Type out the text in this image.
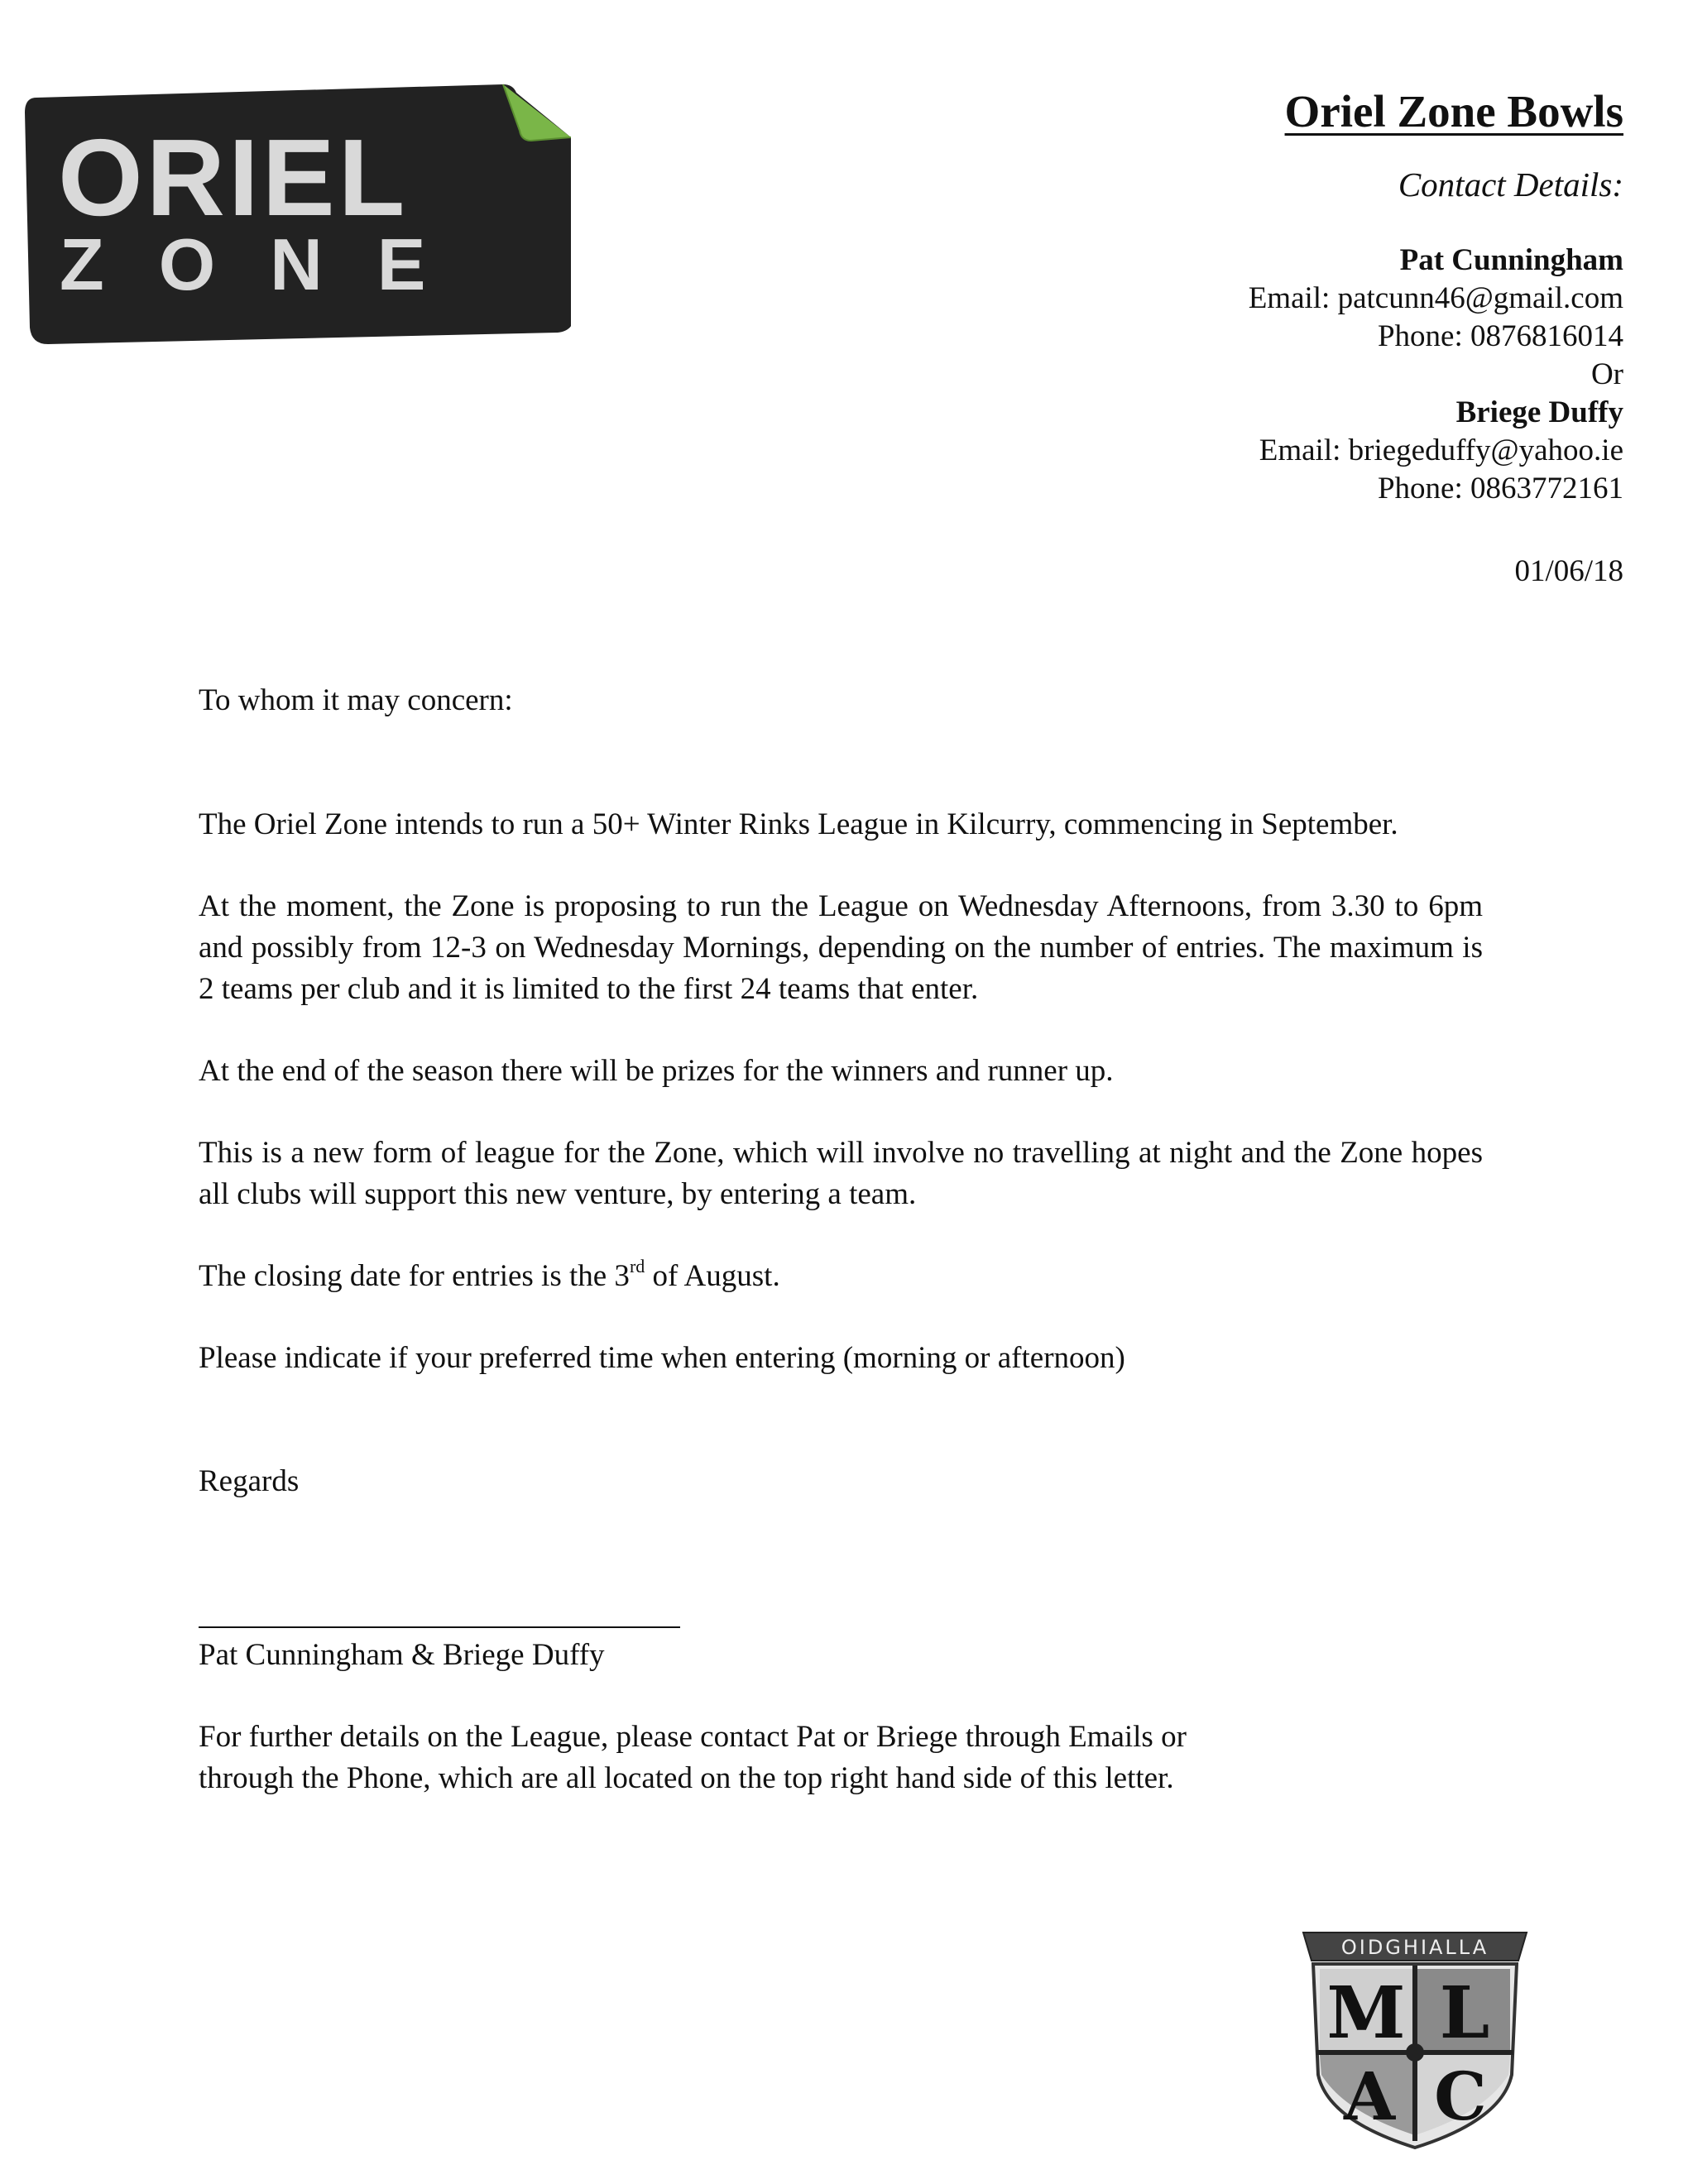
ORIEL
ZONE
Oriel Zone Bowls
Contact Details:
Pat Cunningham
Email: patcunn46@gmail.com
Phone: 0876816014
Or
Briege Duffy
Email: briegeduffy@yahoo.ie
Phone: 0863772161
01/06/18

To whom it may concern:

The Oriel Zone intends to run a 50+ Winter Rinks League in Kilcurry, commencing in September.

At the moment, the Zone is proposing to run the League on Wednesday Afternoons, from 3.30 to 6pm and possibly from 12-3 on Wednesday Mornings, depending on the number of entries. The maximum is 2 teams per club and it is limited to the first 24 teams that enter.

At the end of the season there will be prizes for the winners and runner up.

This is a new form of league for the Zone, which will involve no travelling at night and the Zone hopes all clubs will support this new venture, by entering a team.

The closing date for entries is the 3rd of August.

Please indicate if your preferred time when entering (morning or afternoon)

Regards

Pat Cunningham & Briege Duffy

For further details on the League, please contact Pat or Briege through Emails or through the Phone, which are all located on the top right hand side of this letter.

OIDGHIALLA
M L
A C
